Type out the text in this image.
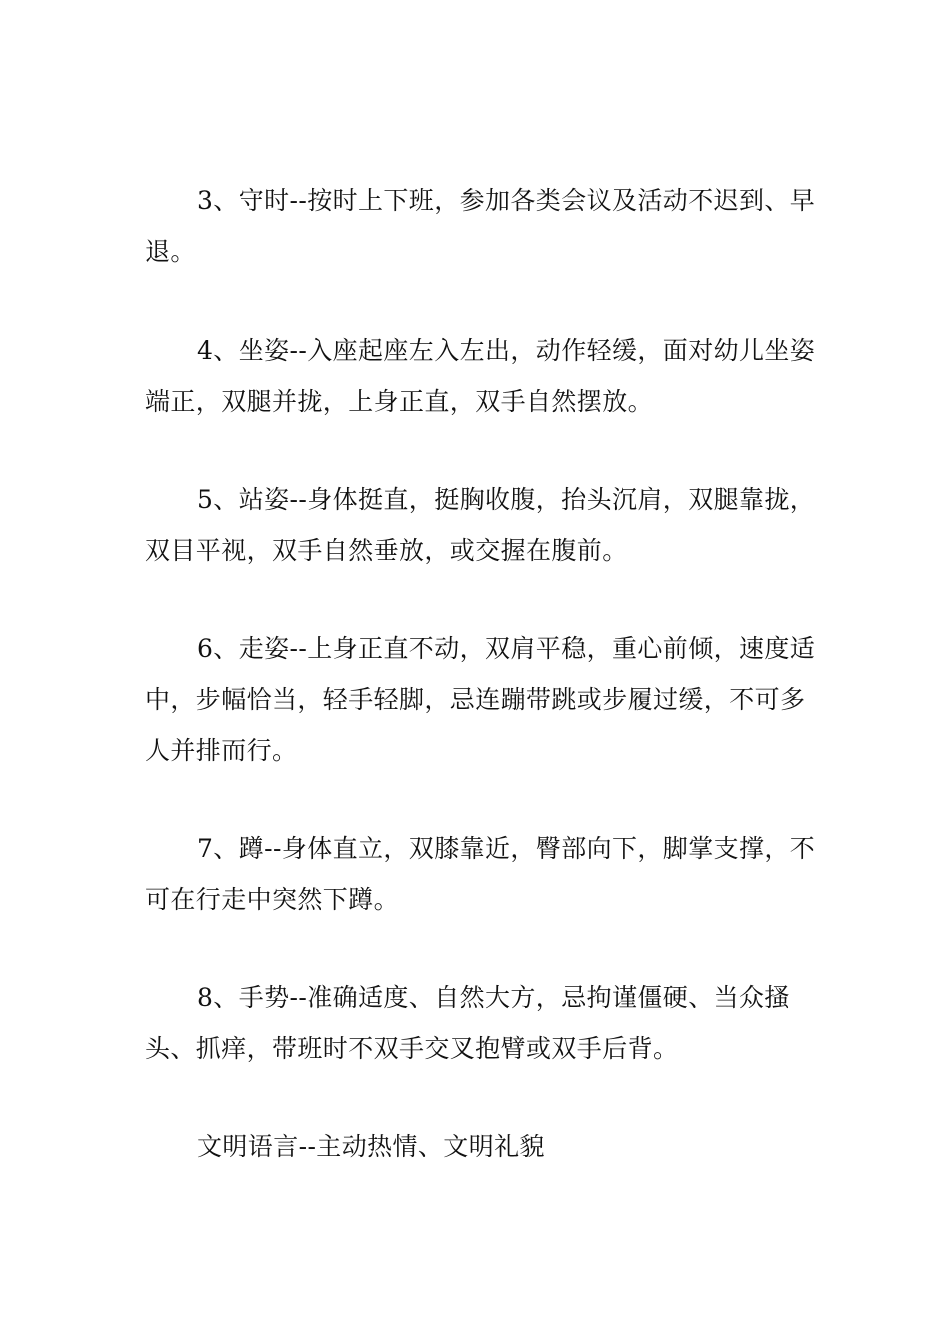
3、守时--按时上下班，参加各类会议及活动不迟到、早退。

4、坐姿--入座起座左入左出，动作轻缓，面对幼儿坐姿端正，双腿并拢，上身正直，双手自然摆放。

5、站姿--身体挺直，挺胸收腹，抬头沉肩，双腿靠拢，双目平视，双手自然垂放，或交握在腹前。

6、走姿--上身正直不动，双肩平稳，重心前倾，速度适中，步幅恰当，轻手轻脚，忌连蹦带跳或步履过缓，不可多人并排而行。

7、蹲--身体直立，双膝靠近，臀部向下，脚掌支撑，不可在行走中突然下蹲。

8、手势--准确适度、自然大方，忌拘谨僵硬、当众搔头、抓痒，带班时不双手交叉抱臂或双手后背。

文明语言--主动热情、文明礼貌
